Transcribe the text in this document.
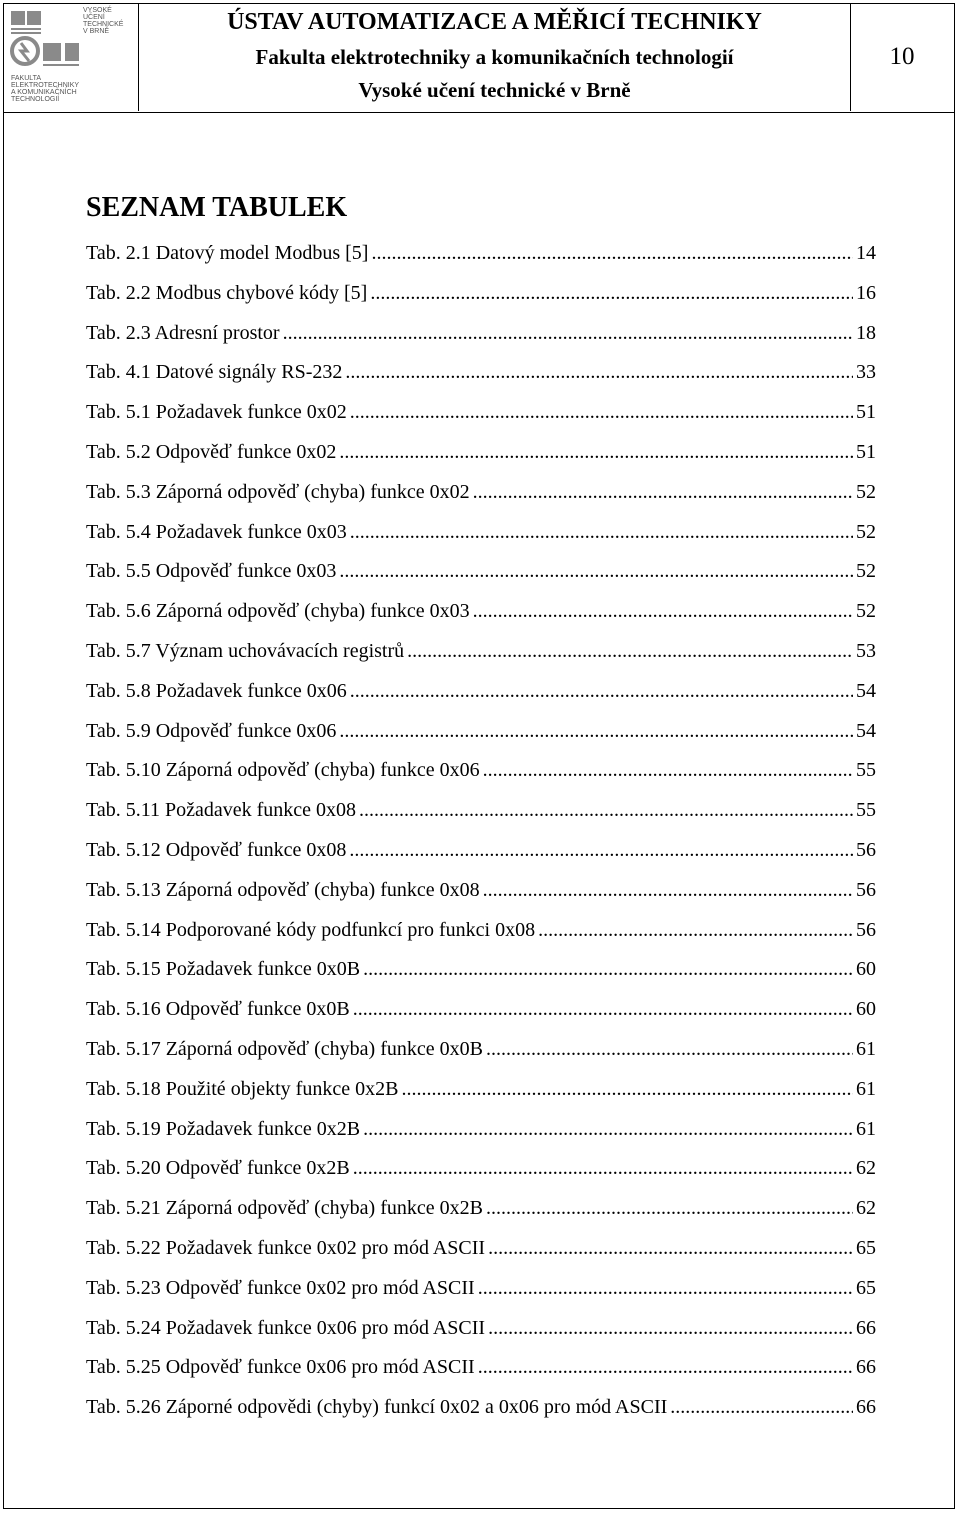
VYSOKÉ
UČENÍ
TECHNICKÉ
V BRNĚ
FAKULTA
ELEKTROTECHNIKY
A KOMUNIKAČNÍCH
TECHNOLOGIÍ
ÚSTAV AUTOMATIZACE A MĚŘICÍ TECHNIKY
Fakulta elektrotechniky a komunikačních technologií
Vysoké učení technické v Brně
10
SEZNAM TABULEK
Tab. 2.1 Datový model Modbus [5] .....	14
Tab. 2.2 Modbus chybové kódy [5] .....	16
Tab. 2.3 Adresní prostor .....	18
Tab. 4.1 Datové signály RS-232 .....	33
Tab. 5.1 Požadavek funkce 0x02 .....	51
Tab. 5.2 Odpověď funkce 0x02 .....	51
Tab. 5.3 Záporná odpověď (chyba) funkce 0x02 .....	52
Tab. 5.4 Požadavek funkce 0x03 .....	52
Tab. 5.5 Odpověď funkce 0x03 .....	52
Tab. 5.6 Záporná odpověď (chyba) funkce 0x03 .....	52
Tab. 5.7 Význam uchovávacích registrů .....	53
Tab. 5.8 Požadavek funkce 0x06 .....	54
Tab. 5.9 Odpověď funkce 0x06 .....	54
Tab. 5.10 Záporná odpověď (chyba) funkce 0x06 .....	55
Tab. 5.11 Požadavek funkce 0x08 .....	55
Tab. 5.12 Odpověď funkce 0x08 .....	56
Tab. 5.13 Záporná odpověď (chyba) funkce 0x08 .....	56
Tab. 5.14 Podporované kódy podfunkcí pro funkci 0x08 .....	56
Tab. 5.15 Požadavek funkce 0x0B .....	60
Tab. 5.16 Odpověď funkce 0x0B .....	60
Tab. 5.17 Záporná odpověď (chyba) funkce 0x0B .....	61
Tab. 5.18 Použité objekty funkce 0x2B .....	61
Tab. 5.19 Požadavek funkce 0x2B .....	61
Tab. 5.20 Odpověď funkce 0x2B .....	62
Tab. 5.21 Záporná odpověď (chyba) funkce 0x2B .....	62
Tab. 5.22 Požadavek funkce 0x02 pro mód ASCII .....	65
Tab. 5.23 Odpověď funkce 0x02 pro mód ASCII .....	65
Tab. 5.24 Požadavek funkce 0x06 pro mód ASCII .....	66
Tab. 5.25 Odpověď funkce 0x06 pro mód ASCII .....	66
Tab. 5.26 Záporné odpovědi (chyby) funkcí 0x02 a 0x06 pro mód ASCII .....	66
